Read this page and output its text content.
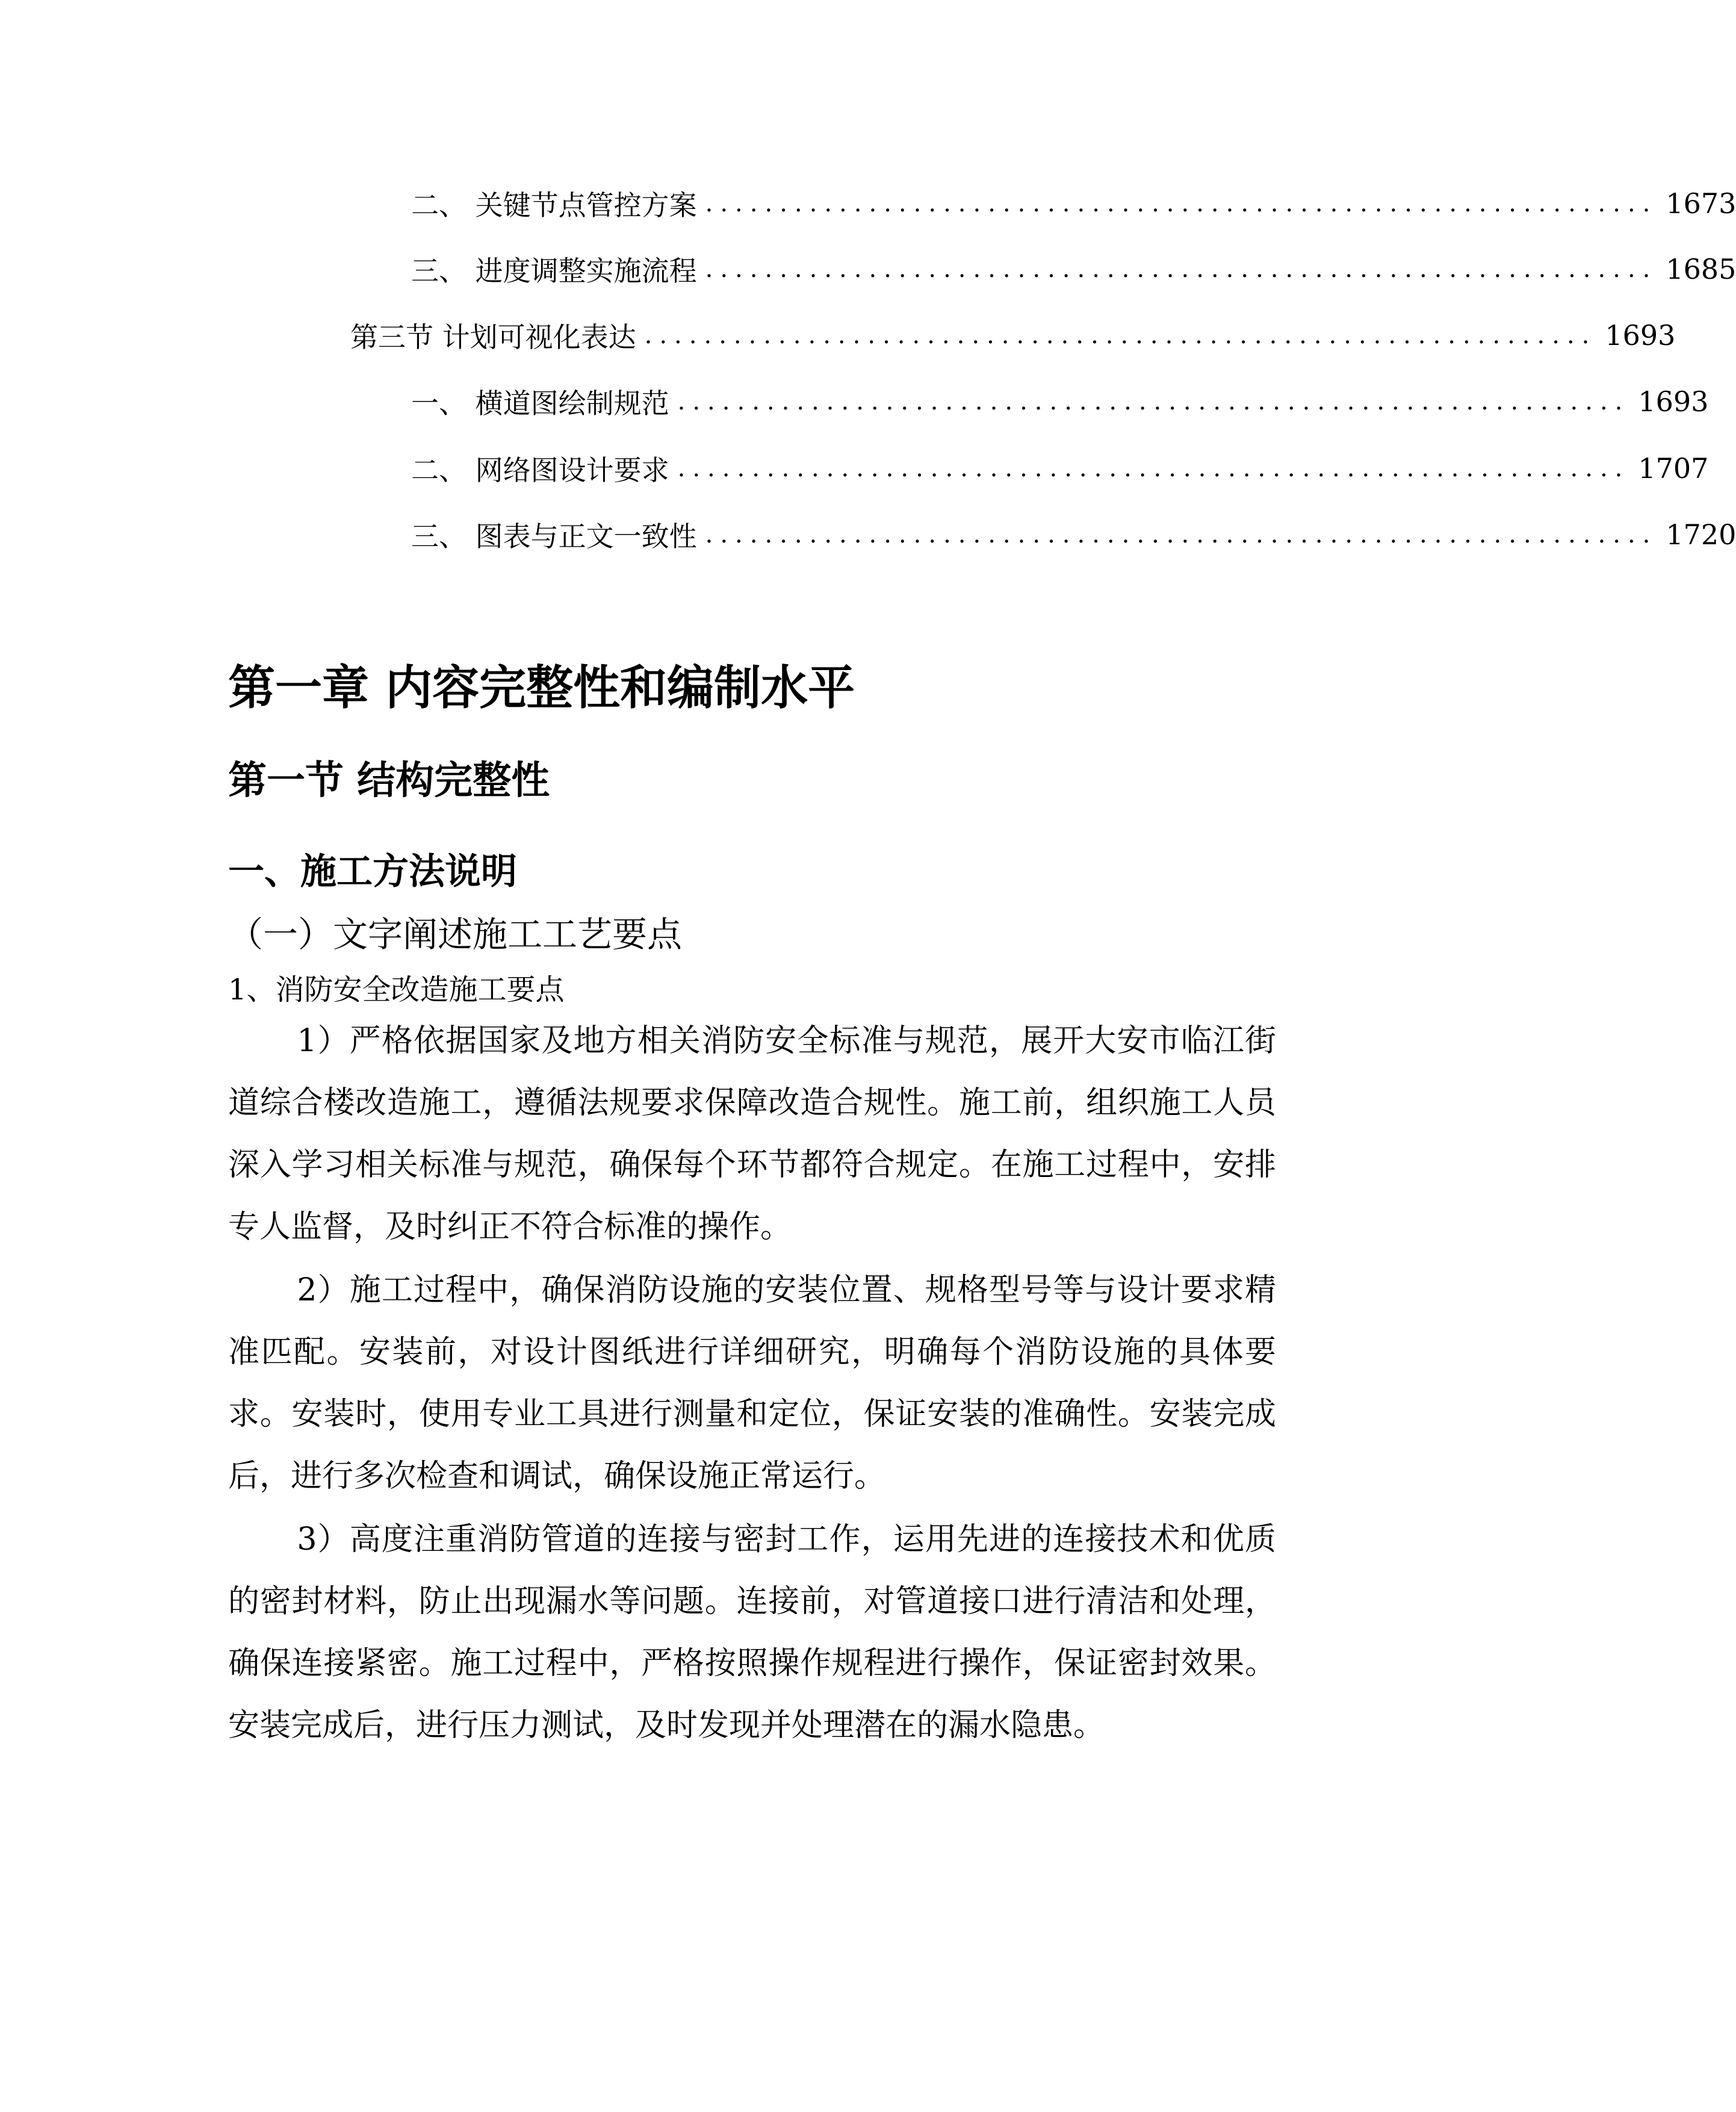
二、 关键节点管控方案 ................................................................ 1673
三、 进度调整实施流程 ................................................................ 1685
第三节 计划可视化表达 ................................................................ 1693
一、 横道图绘制规范 ................................................................ 1693
二、 网络图设计要求 ................................................................ 1707
三、 图表与正文一致性 ................................................................ 1720
第一章 内容完整性和编制水平
第一节 结构完整性
一、施工方法说明
（一）文字阐述施工工艺要点
1、消防安全改造施工要点

1）严格依据国家及地方相关消防安全标准与规范，展开大安市临江街道综合楼改造施工，遵循法规要求保障改造合规性。施工前，组织施工人员深入学习相关标准与规范，确保每个环节都符合规定。在施工过程中，安排专人监督，及时纠正不符合标准的操作。

2）施工过程中，确保消防设施的安装位置、规格型号等与设计要求精准匹配。安装前，对设计图纸进行详细研究，明确每个消防设施的具体要求。安装时，使用专业工具进行测量和定位，保证安装的准确性。安装完成后，进行多次检查和调试，确保设施正常运行。

3）高度注重消防管道的连接与密封工作，运用先进的连接技术和优质的密封材料，防止出现漏水等问题。连接前，对管道接口进行清洁和处理，确保连接紧密。施工过程中，严格按照操作规程进行操作，保证密封效果。安装完成后，进行压力测试，及时发现并处理潜在的漏水隐患。
